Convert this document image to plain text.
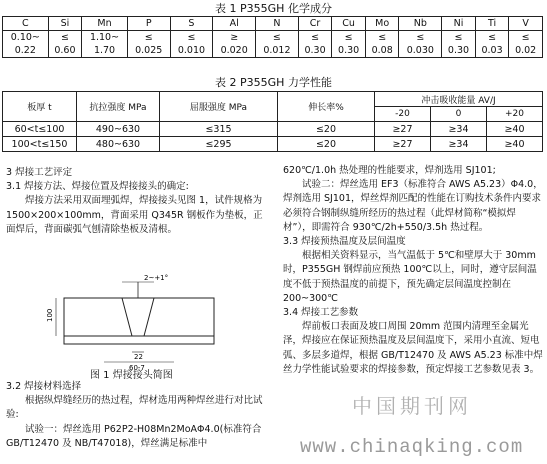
表 1 P355GH 化学成分
C	Si	Mn	P	S	Al	N	Cr	Cu	Mo	Nb	Ni	Ti	V
0.10~	≤	1.10~	≤	≤	≥	≤	≤	≤	≤	≤	≤	≤	≤
0.22	0.60	1.70	0.025	0.010	0.020	0.012	0.30	0.30	0.08	0.030	0.30	0.03	0.02
表 2 P355GH 力学性能
板厚 t	抗拉强度 MPa	屈服强度 MPa	伸长率%	冲击吸收能量 AV/J		
				-20	0	+20
60<t≤100	490~630	≤315	≤20	≥27	≥34	≥40
100<t≤150	480~630	≤295	≤20	≥27	≥34	≥40

3 焊接工艺评定

3.1 焊接方法、焊接位置及焊接接头的确定:

焊接方法采用双面埋弧焊，焊接接头见图 1，试件规格为 1500×200×100mm，背面采用 Q345R 钢板作为垫板，正面焊后，背面碳弧气刨清除垫板及清根。

2~+1°
22
60-7
100
图 1 焊接接头简图

3.2 焊接材料选择

根据纵焊缝经历的热过程，焊材选用两种焊丝进行对比试验:

试验一：焊丝选用 P62P2-H08Mn2MoAΦ4.0(标准符合 GB/T12470 及 NB/T47018)，焊丝满足标准中

620℃/1.0h 热处理的性能要求，焊剂选用 SJ101;

试验二：焊丝选用 EF3（标准符合 AWS A5.23）Φ4.0，焊剂选用 SJ101，焊丝焊剂匹配的性能在订购技术条件内要求必须符合钢制纵缝所经历的热过程（此焊材简称“模拟焊材”），即需符合 930℃/2h+550/3.5h 热过程。

3.3 焊接预热温度及层间温度

根据相关资料显示，当气温低于 5℃和壁厚大于 30mm 时，P355GH 钢焊前应预热 100℃以上，同时，遵守层间温度不低于预热温度的前提下，预先确定层间温度控制在 200~300℃

3.4 焊接工艺参数

焊前板口表面及坡口周围 20mm 范围内清理至金属光泽，焊接应在保证预热温度及层间温度下，采用小直流、短电弧、多层多道焊，根据 GB/T12470 及 AWS A5.23 标准中焊丝力学性能试验要求的焊接参数，预定焊接工艺参数见表 3。

中国期刊网
www.chinaqking.com
